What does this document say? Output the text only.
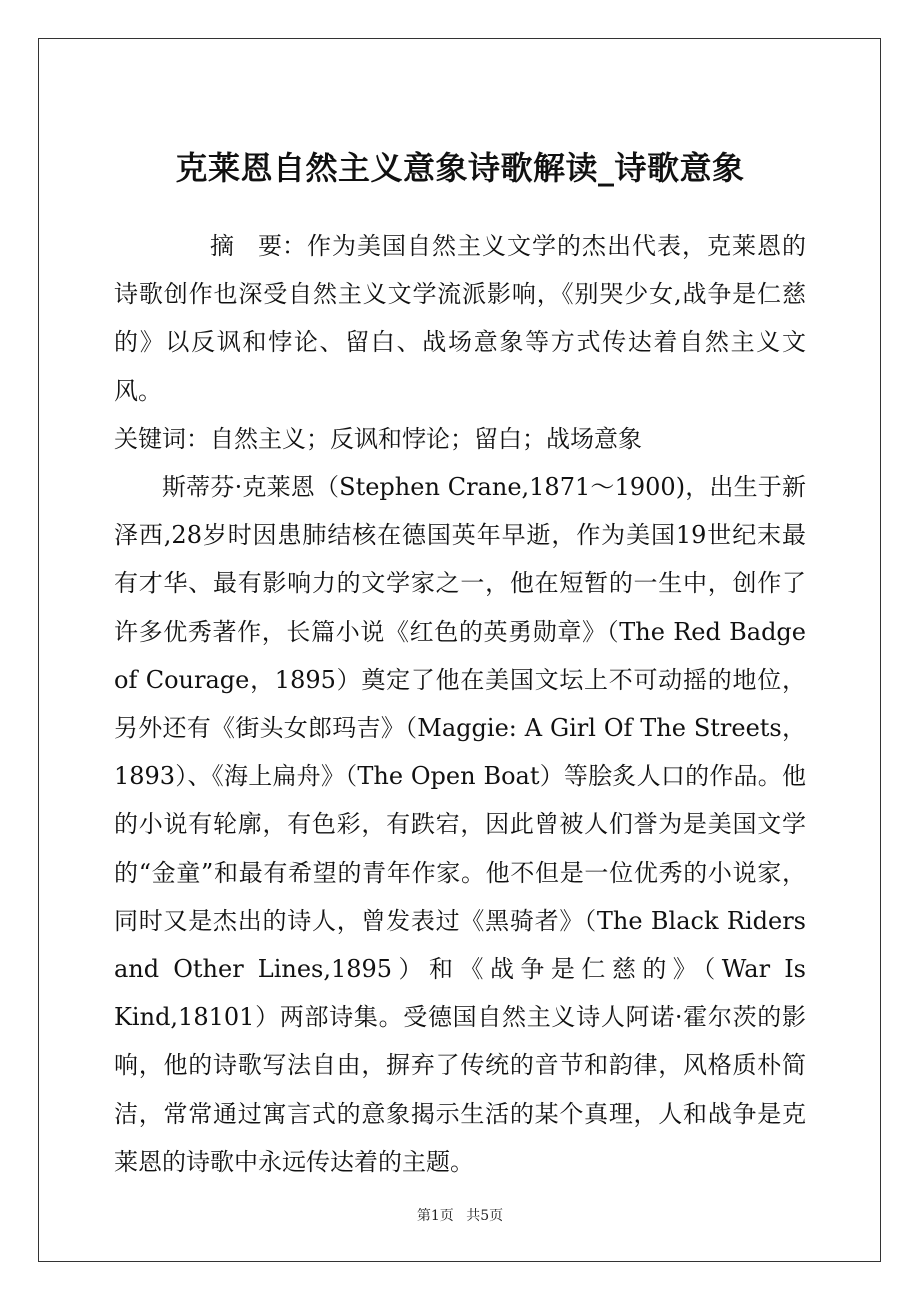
克莱恩自然主义意象诗歌解读_诗歌意象

摘　要：作为美国自然主义文学的杰出代表，克莱恩的诗歌创作也深受自然主义文学流派影响，《别哭少女,战争是仁慈的》以反讽和悖论、留白、战场意象等方式传达着自然主义文风。

关键词：自然主义；反讽和悖论；留白；战场意象

斯蒂芬·克莱恩（Stephen Crane,1871～1900)，出生于新泽西,28岁时因患肺结核在德国英年早逝，作为美国19世纪末最有才华、最有影响力的文学家之一，他在短暂的一生中，创作了许多优秀著作，长篇小说《红色的英勇勋章》（The Red Badge of Courage，1895）奠定了他在美国文坛上不可动摇的地位，另外还有《街头女郎玛吉》（Maggie: A Girl Of The Streets，1893）、《海上扁舟》（The Open Boat）等脍炙人口的作品。他的小说有轮廓，有色彩，有跌宕，因此曾被人们誉为是美国文学的“金童”和最有希望的青年作家。他不但是一位优秀的小说家，同时又是杰出的诗人，曾发表过《黑骑者》（The Black Riders and Other Lines,1895）和《战争是仁慈的》（War Is Kind,18101）两部诗集。受德国自然主义诗人阿诺·霍尔茨的影响，他的诗歌写法自由，摒弃了传统的音节和韵律，风格质朴简洁，常常通过寓言式的意象揭示生活的某个真理，人和战争是克莱恩的诗歌中永远传达着的主题。

第1页 共5页
